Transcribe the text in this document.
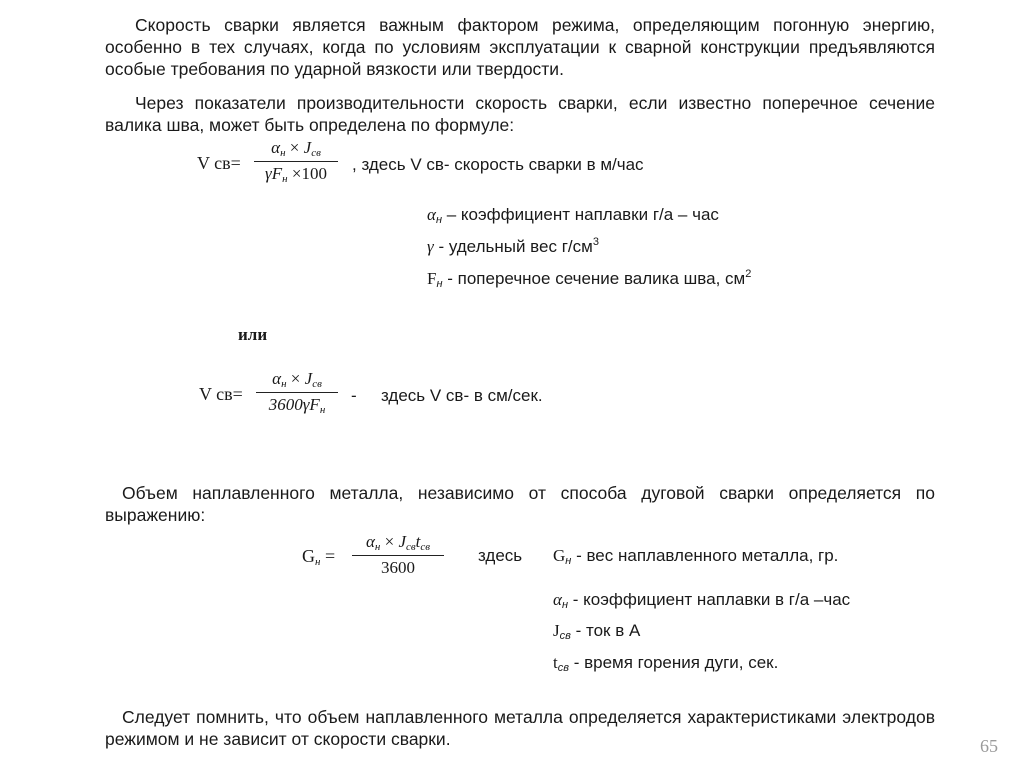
Скорость сварки является важным фактором режима, определяющим погонную энергию, особенно в тех случаях, когда по условиям эксплуатации к сварной конструкции предъявляются особые требования по ударной вязкости или твердости.
Через показатели производительности скорость сварки, если известно поперечное сечение валика шва, может быть определена по формуле:
V св=
$\alpha_н \times J_{св}$
$\gamma F_н \times 100$	, здесь V св- скорость сварки в м/час
$\alpha_н$ – коэффициент наплавки г/а – час
γ - удельный вес $г/см^3$
$F_н$ - поперечное сечение валика шва, $см^2$
или
V св=
$\alpha_н \times J_{св}$
$3600\gamma F_н$
- здесь V св- в см/сек.
Объем наплавленного металла, независимо от способа дуговой сварки определяется по выражению:
$G_н$ =
$\alpha_н \times J_{св}t_{св}$
3600
здесь $G_н$ - вес наплавленного металла, гр.
$\alpha_н$ - коэффициент наплавки в г/а –час
$J_{св}$ - ток в А
$t_{св}$ - время горения дуги, сек.
Следует помнить, что объем наплавленного металла определяется характеристиками электродов режимом и не зависит от скорости сварки.	65
